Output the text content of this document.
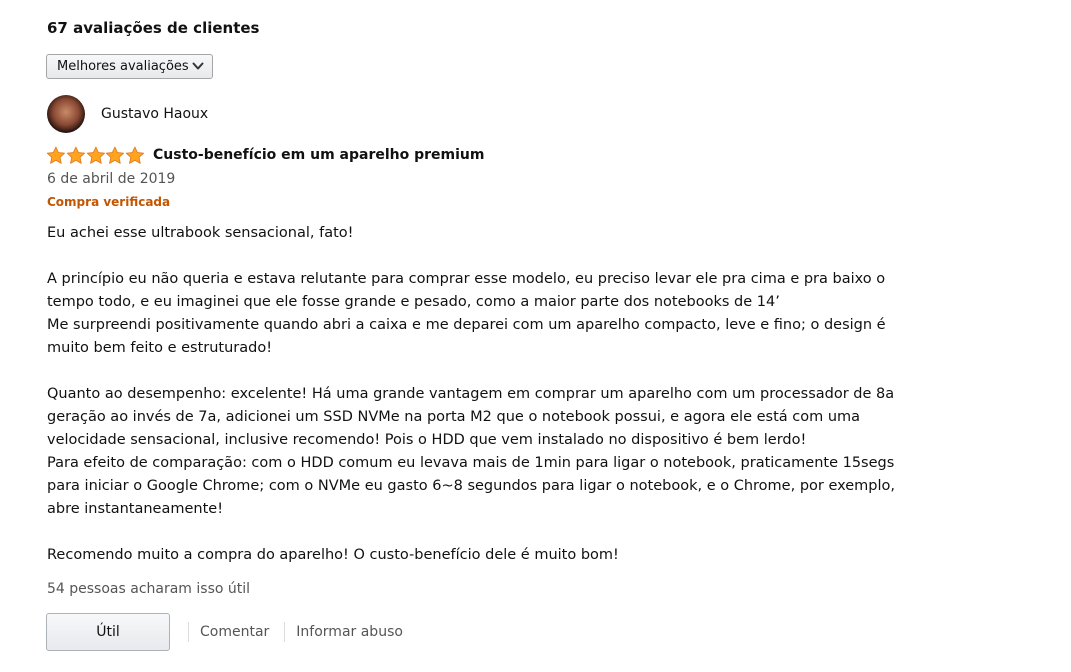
67 avaliações de clientes
Melhores avaliações
Gustavo Haoux
Custo-benefício em um aparelho premium
6 de abril de 2019
Compra verificada

Eu achei esse ultrabook sensacional, fato!

A princípio eu não queria e estava relutante para comprar esse modelo, eu preciso levar ele pra cima e pra baixo o tempo todo, e eu imaginei que ele fosse grande e pesado, como a maior parte dos notebooks de 14’

Me surpreendi positivamente quando abri a caixa e me deparei com um aparelho compacto, leve e fino; o design é muito bem feito e estruturado!

Quanto ao desempenho: excelente! Há uma grande vantagem em comprar um aparelho com um processador de 8a geração ao invés de 7a, adicionei um SSD NVMe na porta M2 que o notebook possui, e agora ele está com uma velocidade sensacional, inclusive recomendo! Pois o HDD que vem instalado no dispositivo é bem lerdo!

Para efeito de comparação: com o HDD comum eu levava mais de 1min para ligar o notebook, praticamente 15segs para iniciar o Google Chrome; com o NVMe eu gasto 6~8 segundos para ligar o notebook, e o Chrome, por exemplo, abre instantaneamente!

Recomendo muito a compra do aparelho! O custo-benefício dele é muito bom!

54 pessoas acharam isso útil
Útil	Comentar Informar abuso
